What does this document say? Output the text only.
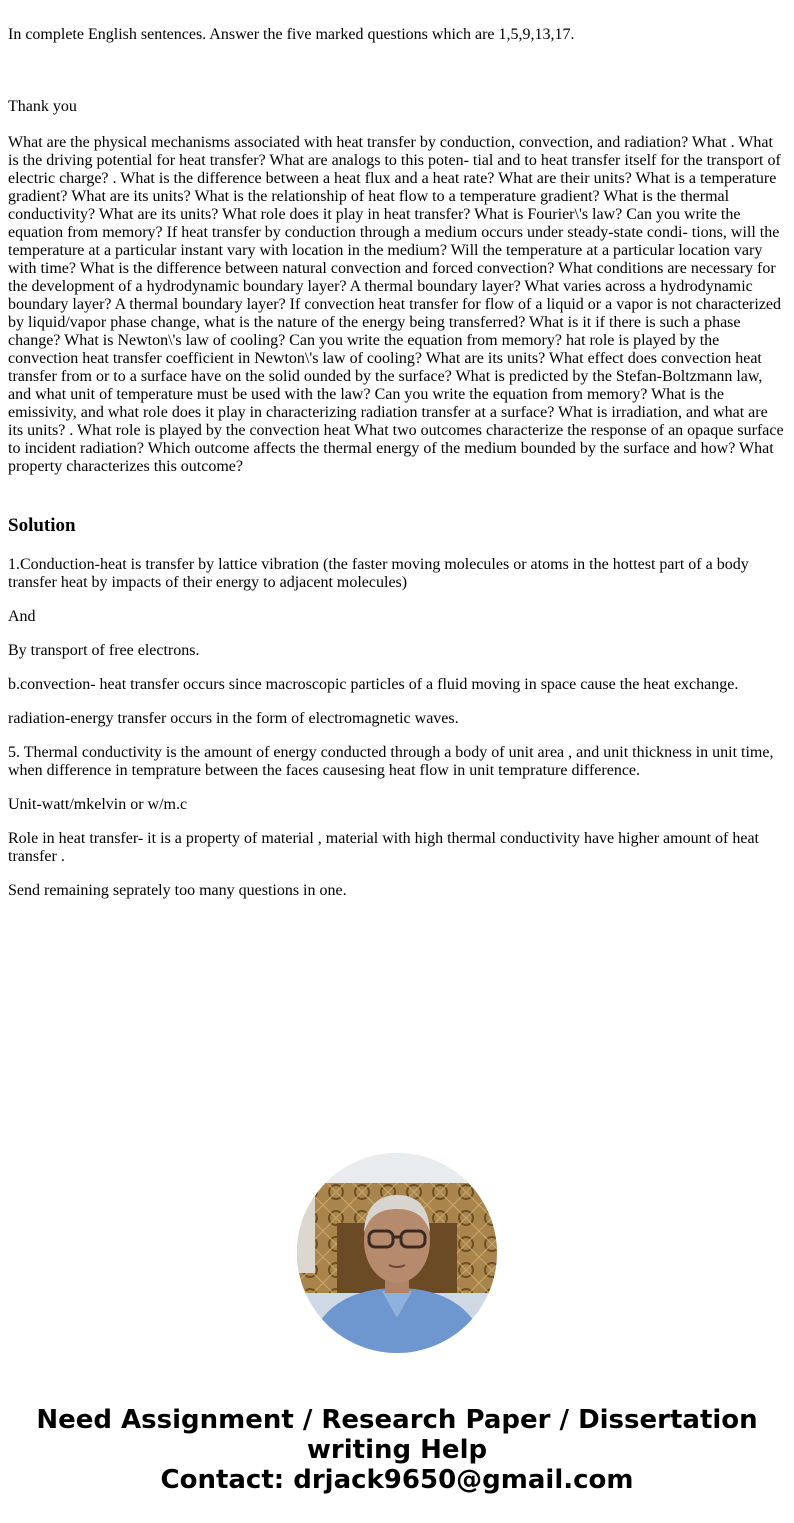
In complete English sentences. Answer the five marked questions which are 1,5,9,13,17.

Thank you

What are the physical mechanisms associated with heat transfer by conduction, convection, and radiation? What . What is the driving potential for heat transfer? What are analogs to this poten- tial and to heat transfer itself for the transport of electric charge? . What is the difference between a heat flux and a heat rate? What are their units? What is a temperature gradient? What are its units? What is the relationship of heat flow to a temperature gradient? What is the thermal conductivity? What are its units? What role does it play in heat transfer? What is Fourier\'s law? Can you write the equation from memory? If heat transfer by conduction through a medium occurs under steady-state condi- tions, will the temperature at a particular instant vary with location in the medium? Will the temperature at a particular location vary with time? What is the difference between natural convection and forced convection? What conditions are necessary for the development of a hydrodynamic boundary layer? A thermal boundary layer? What varies across a hydrodynamic boundary layer? A thermal boundary layer? If convection heat transfer for flow of a liquid or a vapor is not characterized by liquid/vapor phase change, what is the nature of the energy being transferred? What is it if there is such a phase change? What is Newton\'s law of cooling? Can you write the equation from memory? hat role is played by the convection heat transfer coefficient in Newton\'s law of cooling? What are its units? What effect does convection heat transfer from or to a surface have on the solid ounded by the surface? What is predicted by the Stefan-Boltzmann law, and what unit of temperature must be used with the law? Can you write the equation from memory? What is the emissivity, and what role does it play in characterizing radiation transfer at a surface? What is irradiation, and what are its units? . What role is played by the convection heat What two outcomes characterize the response of an opaque surface to incident radiation? Which outcome affects the thermal energy of the medium bounded by the surface and how? What property characterizes this outcome?

Solution

1.Conduction-heat is transfer by lattice vibration (the faster moving molecules or atoms in the hottest part of a body transfer heat by impacts of their energy to adjacent molecules)

And

By transport of free electrons.

b.convection- heat transfer occurs since macroscopic particles of a fluid moving in space cause the heat exchange.

radiation-energy transfer occurs in the form of electromagnetic waves.

5. Thermal conductivity is the amount of energy conducted through a body of unit area , and unit thickness in unit time, when difference in temprature between the faces causesing heat flow in unit temprature difference.

Unit-watt/mkelvin or w/m.c

Role in heat transfer- it is a property of material , material with high thermal conductivity have higher amount of heat transfer .

Send remaining seprately too many questions in one.

Need Assignment / Research Paper / Dissertation
writing Help
Contact: drjack9650@gmail.com
